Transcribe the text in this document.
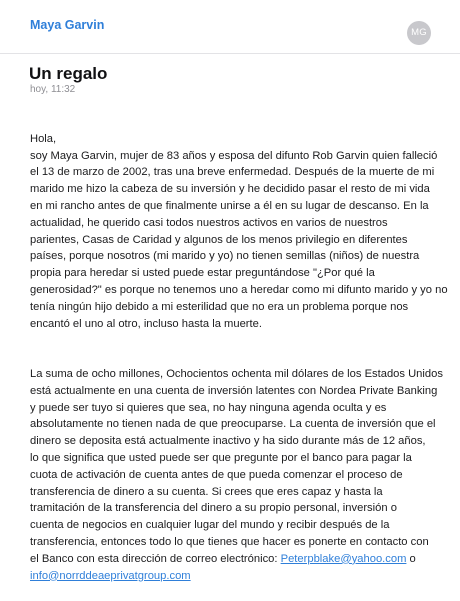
Maya Garvin
MG
Un regalo
hoy, 11:32

Hola,
soy Maya Garvin, mujer de 83 años y esposa del difunto Rob Garvin quien falleció
el 13 de marzo de 2002, tras una breve enfermedad. Después de la muerte de mi
marido me hizo la cabeza de su inversión y he decidido pasar el resto de mi vida
en mi rancho antes de que finalmente unirse a él en su lugar de descanso. En la
actualidad, he querido casi todos nuestros activos en varios de nuestros
parientes, Casas de Caridad y algunos de los menos privilegio en diferentes
países, porque nosotros (mi marido y yo) no tienen semillas (niños) de nuestra
propia para heredar si usted puede estar preguntándose "¿Por qué la
generosidad?" es porque no tenemos uno a heredar como mi difunto marido y yo no
tenía ningún hijo debido a mi esterilidad que no era un problema porque nos
encantó el uno al otro, incluso hasta la muerte.

La suma de ocho millones, Ochocientos ochenta mil dólares de los Estados Unidos
está actualmente en una cuenta de inversión latentes con Nordea Private Banking
y puede ser tuyo si quieres que sea, no hay ninguna agenda oculta y es
absolutamente no tienen nada de que preocuparse. La cuenta de inversión que el
dinero se deposita está actualmente inactivo y ha sido durante más de 12 años,
lo que significa que usted puede ser que pregunte por el banco para pagar la
cuota de activación de cuenta antes de que pueda comenzar el proceso de
transferencia de dinero a su cuenta. Si crees que eres capaz y hasta la
tramitación de la transferencia del dinero a su propio personal, inversión o
cuenta de negocios en cualquier lugar del mundo y recibir después de la
transferencia, entonces todo lo que tienes que hacer es ponerte en contacto con
el Banco con esta dirección de correo electrónico: Peterpblake@yahoo.com o
info@norrddeaeprivatgroup.com
